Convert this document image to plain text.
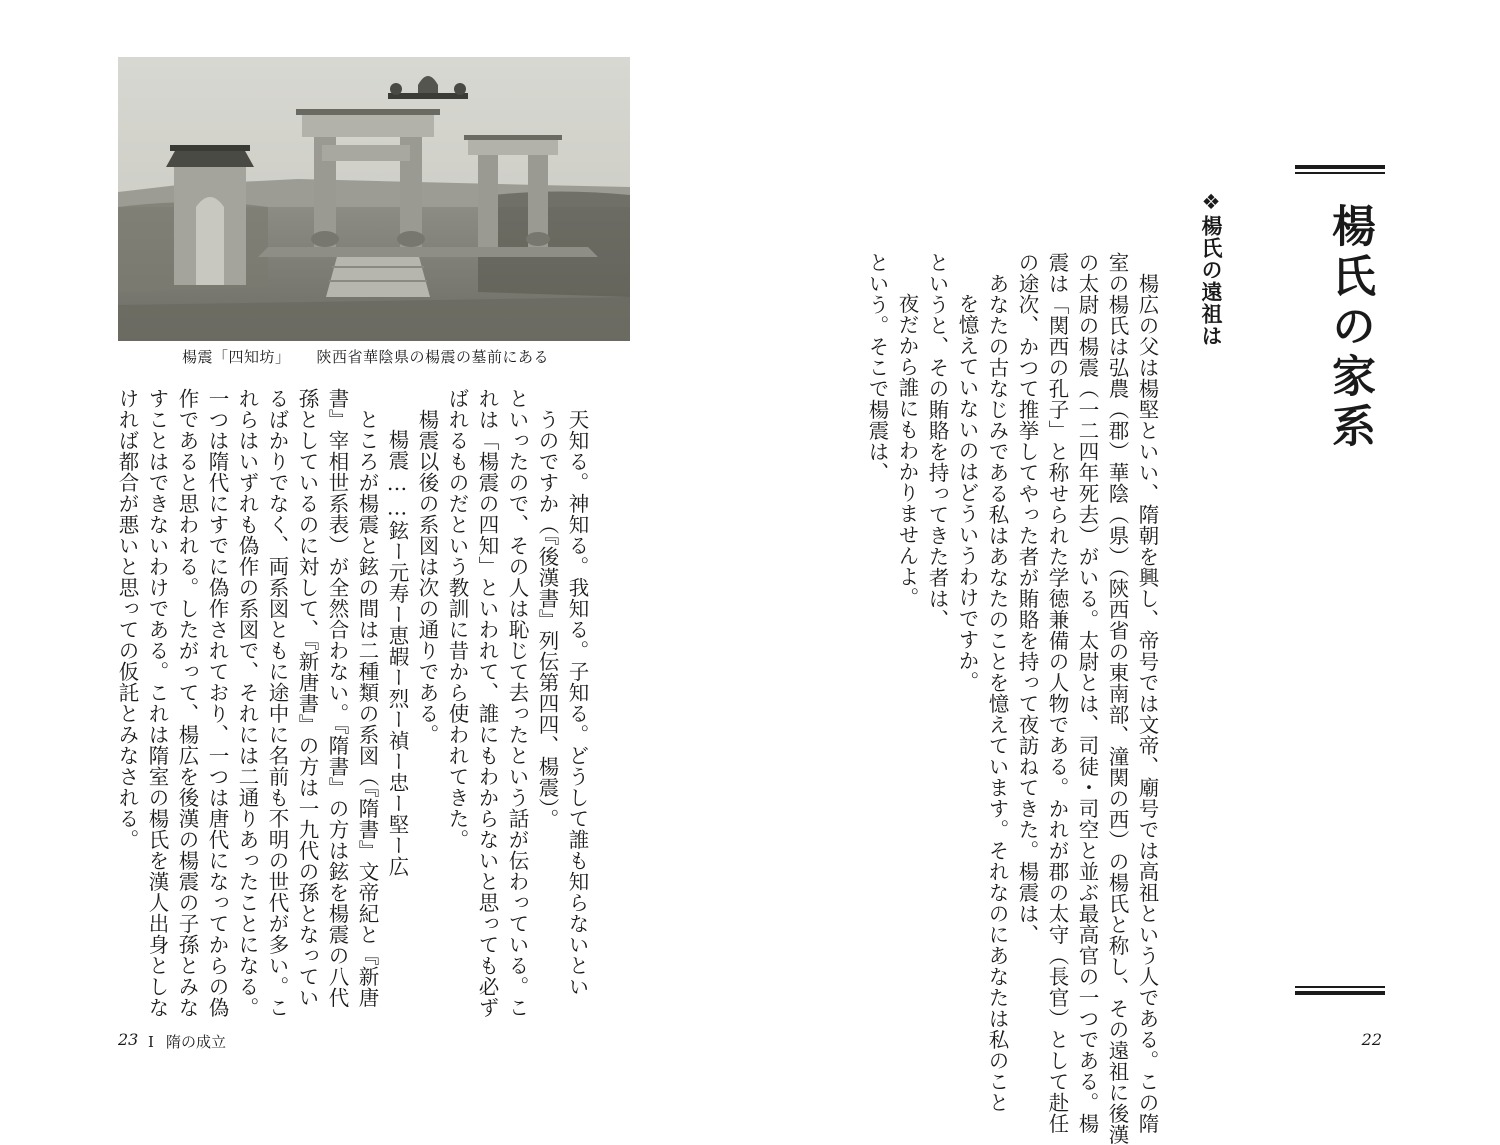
楊氏の家系
❖楊氏の遠祖は

楊広の父は楊堅といい、隋朝を興し、帝号では文帝、廟号では高祖という人である。この隋

室の楊氏は弘農（郡）華陰（県）（陝西省の東南部、潼関の西）の楊氏と称し、その遠祖に後漢

の太尉の楊震（一二四年死去）がいる。太尉とは、司徒・司空と並ぶ最高官の一つである。楊

震は「関西の孔子」と称せられた学徳兼備の人物である。かれが郡の太守（長官）として赴任

の途次、かつて推挙してやった者が賄賂を持って夜訪ねてきた。楊震は、

あなたの古なじみである私はあなたのことを憶えています。それなのにあなたは私のこと

を憶えていないのはどういうわけですか。

というと、その賄賂を持ってきた者は、

夜だから誰にもわかりませんよ。

という。そこで楊震は、

22
楊震「四知坊」 陝西省華陰県の楊震の墓前にある

天知る。神知る。我知る。子知る。どうして誰も知らないとい

うのですか（『後漢書』列伝第四四、楊震）。

といったので、その人は恥じて去ったという話が伝わっている。こ

れは「楊震の四知」といわれて、誰にもわからないと思っても必ず

ばれるものだという教訓に昔から使われてきた。

楊震以後の系図は次の通りである。

楊震……鉉ー元寿ー恵嘏ー烈ー禎ー忠ー堅ー広

ところが楊震と鉉の間は二種類の系図（『隋書』文帝紀と『新唐

書』宰相世系表）が全然合わない。『隋書』の方は鉉を楊震の八代

孫としているのに対して、『新唐書』の方は一九代の孫となってい

るばかりでなく、両系図ともに途中に名前も不明の世代が多い。こ

れらはいずれも偽作の系図で、それには二通りあったことになる。

一つは隋代にすでに偽作されており、一つは唐代になってからの偽

作であると思われる。したがって、楊広を後漢の楊震の子孫とみな

すことはできないわけである。これは隋室の楊氏を漢人出身としな

ければ都合が悪いと思っての仮託とみなされる。

23 I 隋の成立
